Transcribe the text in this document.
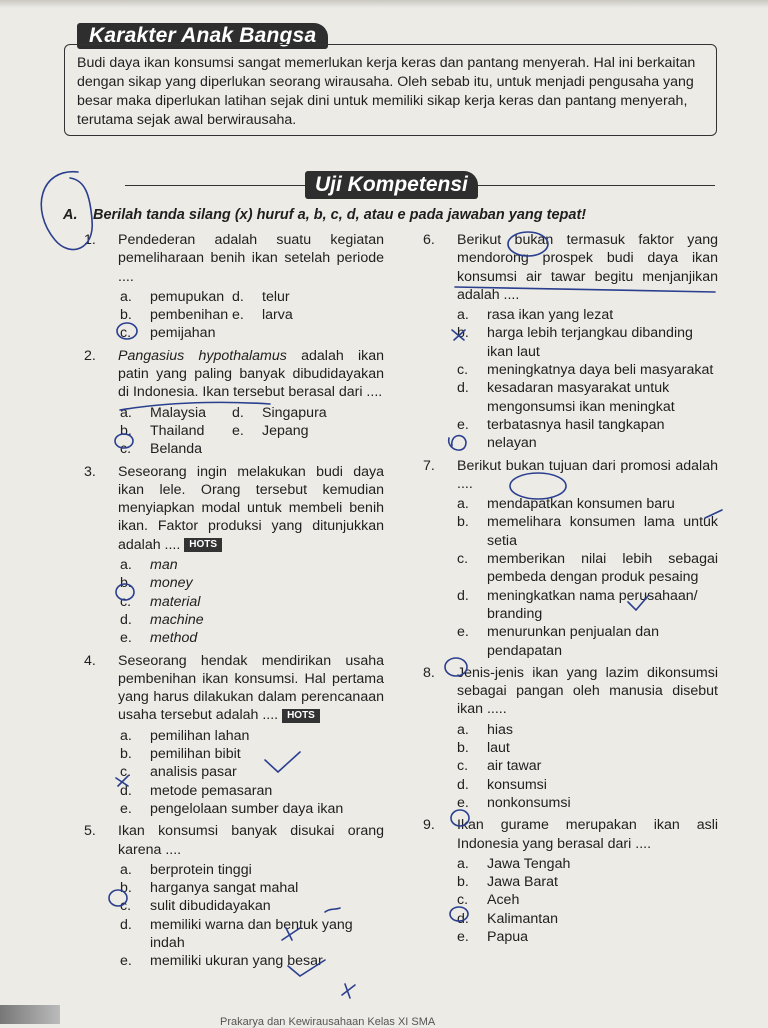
Karakter Anak Bangsa
Budi daya ikan konsumsi sangat memerlukan kerja keras dan pantang menyerah. Hal ini berkaitan dengan sikap yang diperlukan seorang wirausaha. Oleh sebab itu, untuk menjadi pengusaha yang besar maka diperlukan latihan sejak dini untuk memiliki sikap kerja keras dan pantang menyerah, terutama sejak awal berwirausaha.
Uji Kompetensi
A. Berilah tanda silang (x) huruf a, b, c, d, atau e pada jawaban yang tepat!
1.	Pendederan adalah suatu kegiatan pemeliharaan benih ikan setelah periode ....
a.	pemupukan d.	telur
b.	pembenihan e.	larva
c.	pemijahan
2.	Pangasius hypothalamus adalah ikan patin yang paling banyak dibudidayakan di Indonesia. Ikan tersebut berasal dari ....
a.	Malaysia	d.	Singapura
b.	Thailand	e.	Jepang
c.	Belanda
3.	Seseorang ingin melakukan budi daya ikan lele. Orang tersebut kemudian menyiapkan modal untuk membeli benih ikan. Faktor produksi yang ditunjukkan adalah .... HOTS
a.	man
b.	money
c.	material
d.	machine
e.	method
4.	Seseorang hendak mendirikan usaha pembenihan ikan konsumsi. Hal pertama yang harus dilakukan dalam perencanaan usaha tersebut adalah .... HOTS
a.	pemilihan lahan
b.	pemilihan bibit
c.	analisis pasar
d.	metode pemasaran
e.	pengelolaan sumber daya ikan
5.	Ikan konsumsi banyak disukai orang karena ....
a.	berprotein tinggi
b.	harganya sangat mahal
c.	sulit dibudidayakan
d.	memiliki warna dan bentuk yang indah
e.	memiliki ukuran yang besar
6.	Berikut bukan termasuk faktor yang mendorong prospek budi daya ikan konsumsi air tawar begitu menjanjikan adalah ....
a.	rasa ikan yang lezat
b.	harga lebih terjangkau dibanding ikan laut
c.	meningkatnya daya beli masyarakat
d.	kesadaran masyarakat untuk mengonsumsi ikan meningkat
e.	terbatasnya hasil tangkapan nelayan
7.	Berikut bukan tujuan dari promosi adalah ....
a.	mendapatkan konsumen baru
b.	memelihara konsumen lama untuk setia
c.	memberikan nilai lebih sebagai pembeda dengan produk pesaing
d.	meningkatkan nama perusahaan/ branding
e.	menurunkan penjualan dan pendapatan
8.	Jenis-jenis ikan yang lazim dikonsumsi sebagai pangan oleh manusia disebut ikan .....
a.	hias
b.	laut
c.	air tawar
d.	konsumsi
e.	nonkonsumsi
9.	Ikan gurame merupakan ikan asli Indonesia yang berasal dari ....
a.	Jawa Tengah
b.	Jawa Barat
c.	Aceh
d.	Kalimantan
e.	Papua
Prakarya dan Kewirausahaan Kelas XI SMA
